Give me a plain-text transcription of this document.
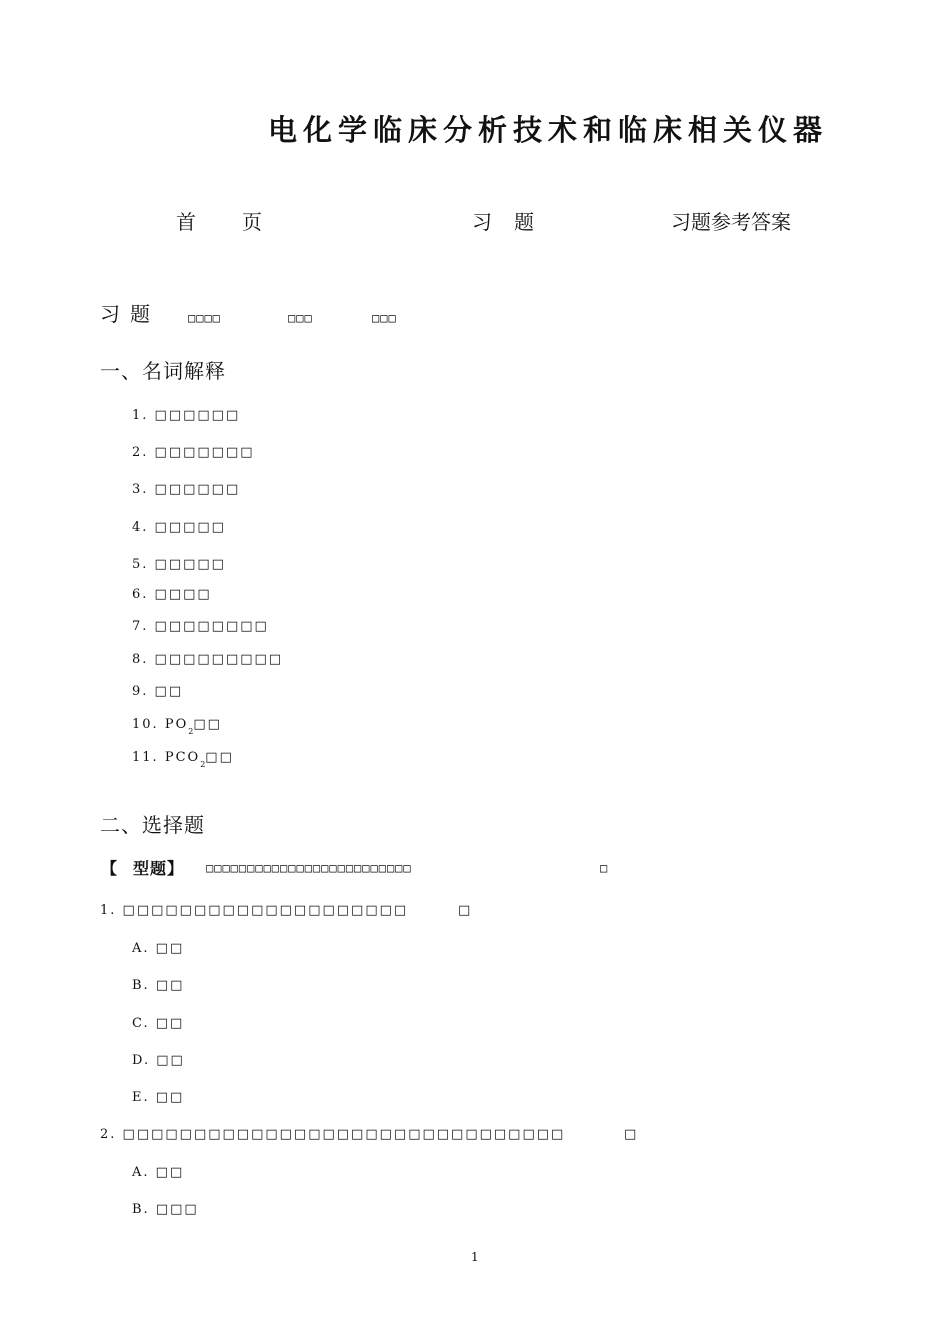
电化学临床分析技术和临床相关仪器
首页	习题	习题参考答案
习题 □□□□	□□□	□□□
一、名词解释
1. □□□□□□
2. □□□□□□□
3. □□□□□□
4. □□□□□
5. □□□□□
6. □□□□
7. □□□□□□□□
8. □□□□□□□□□
9. □□
10. $PO_2□□$
11. $PCO_2□□$
二、选择题
【 型题】 □□□□□□□□□□□□□□□□□□□□□□□□□	□
1. □□□□□□□□□□□□□□□□□□□□	□
A. □□
B. □□
C. □□
D. □□
E. □□
2. □□□□□□□□□□□□□□□□□□□□□□□□□□□□□□□	□
A. □□
B. □□□
1
